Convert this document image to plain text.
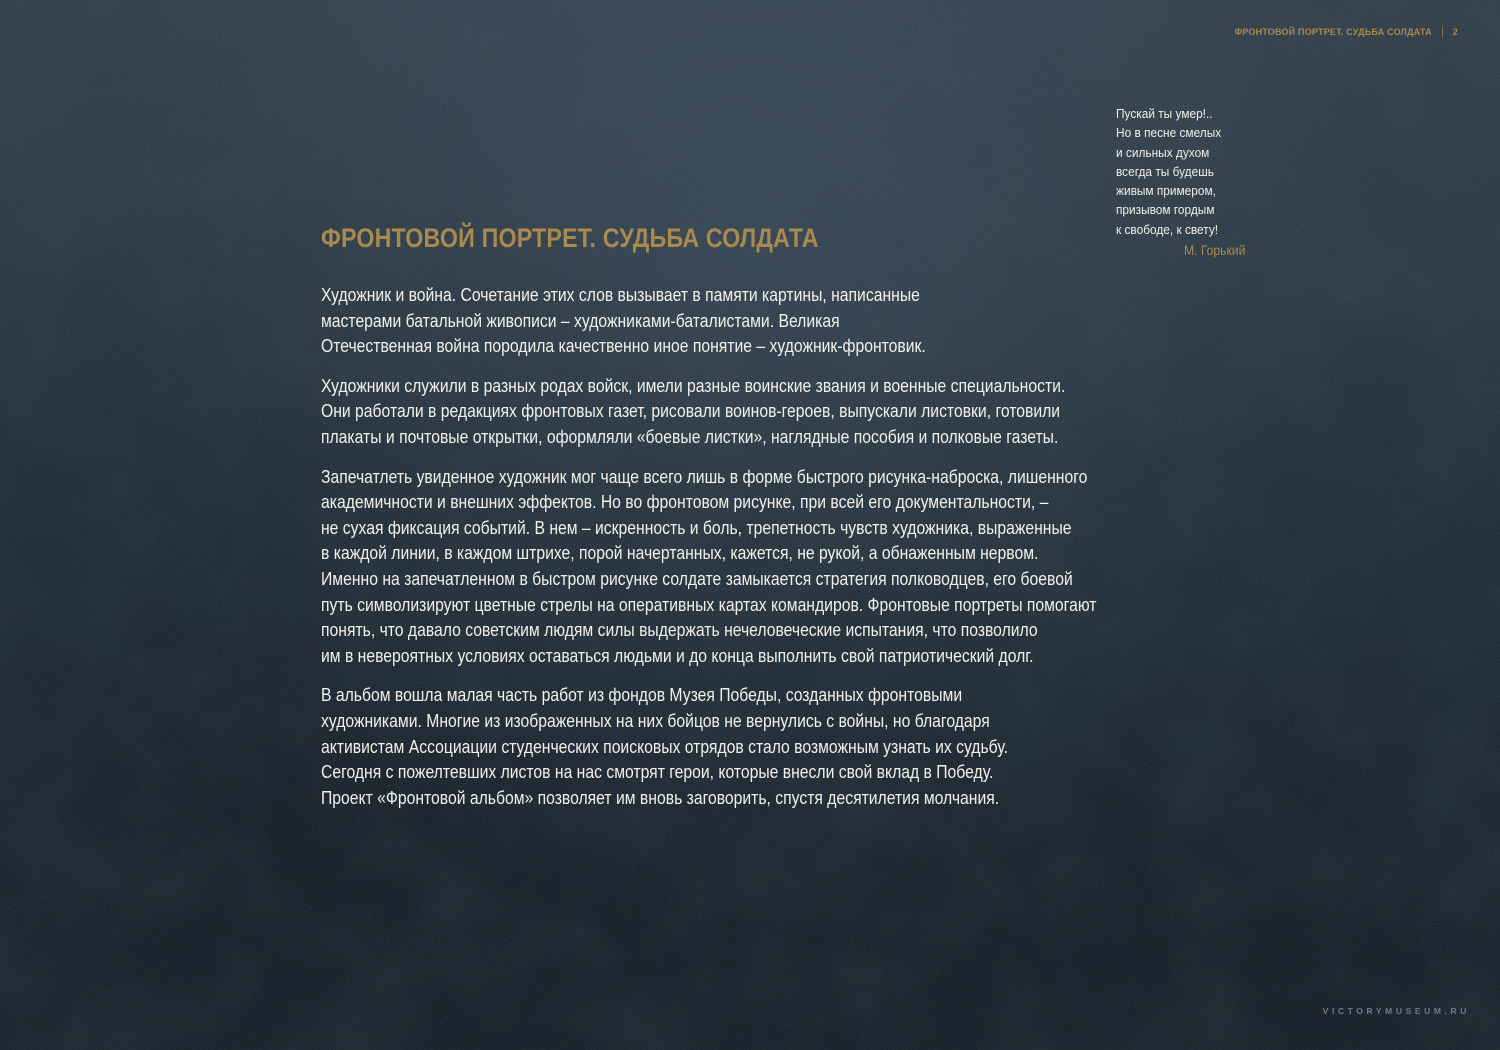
ФРОНТОВОЙ ПОРТРЕТ. СУДЬБА СОЛДАТА 2
Пускай ты умер!..
Но в песне смелых
и сильных духом
всегда ты будешь
живым примером,
призывом гордым
к свободе, к свету!
М. Горький
ФРОНТОВОЙ ПОРТРЕТ. СУДЬБА СОЛДАТА

Художник и война. Сочетание этих слов вызывает в памяти картины, написанные
мастерами батальной живописи – художниками-баталистами. Великая
Отечественная война породила качественно иное понятие – художник-фронтовик.

Художники служили в разных родах войск, имели разные воинские звания и военные специальности.
Они работали в редакциях фронтовых газет, рисовали воинов-героев, выпускали листовки, готовили
плакаты и почтовые открытки, оформляли «боевые листки», наглядные пособия и полковые газеты.

Запечатлеть увиденное художник мог чаще всего лишь в форме быстрого рисунка-наброска, лишенного
академичности и внешних эффектов. Но во фронтовом рисунке, при всей его документальности, –
не сухая фиксация событий. В нем – искренность и боль, трепетность чувств художника, выраженные
в каждой линии, в каждом штрихе, порой начертанных, кажется, не рукой, а обнаженным нервом.
Именно на запечатленном в быстром рисунке солдате замыкается стратегия полководцев, его боевой
путь символизируют цветные стрелы на оперативных картах командиров. Фронтовые портреты помогают
понять, что давало советским людям силы выдержать нечеловеческие испытания, что позволило
им в невероятных условиях оставаться людьми и до конца выполнить свой патриотический долг.

В альбом вошла малая часть работ из фондов Музея Победы, созданных фронтовыми
художниками. Многие из изображенных на них бойцов не вернулись с войны, но благодаря
активистам Ассоциации студенческих поисковых отрядов стало возможным узнать их судьбу.
Сегодня с пожелтевших листов на нас смотрят герои, которые внесли свой вклад в Победу.
Проект «Фронтовой альбом» позволяет им вновь заговорить, спустя десятилетия молчания.

VICTORYMUSEUM.RU
